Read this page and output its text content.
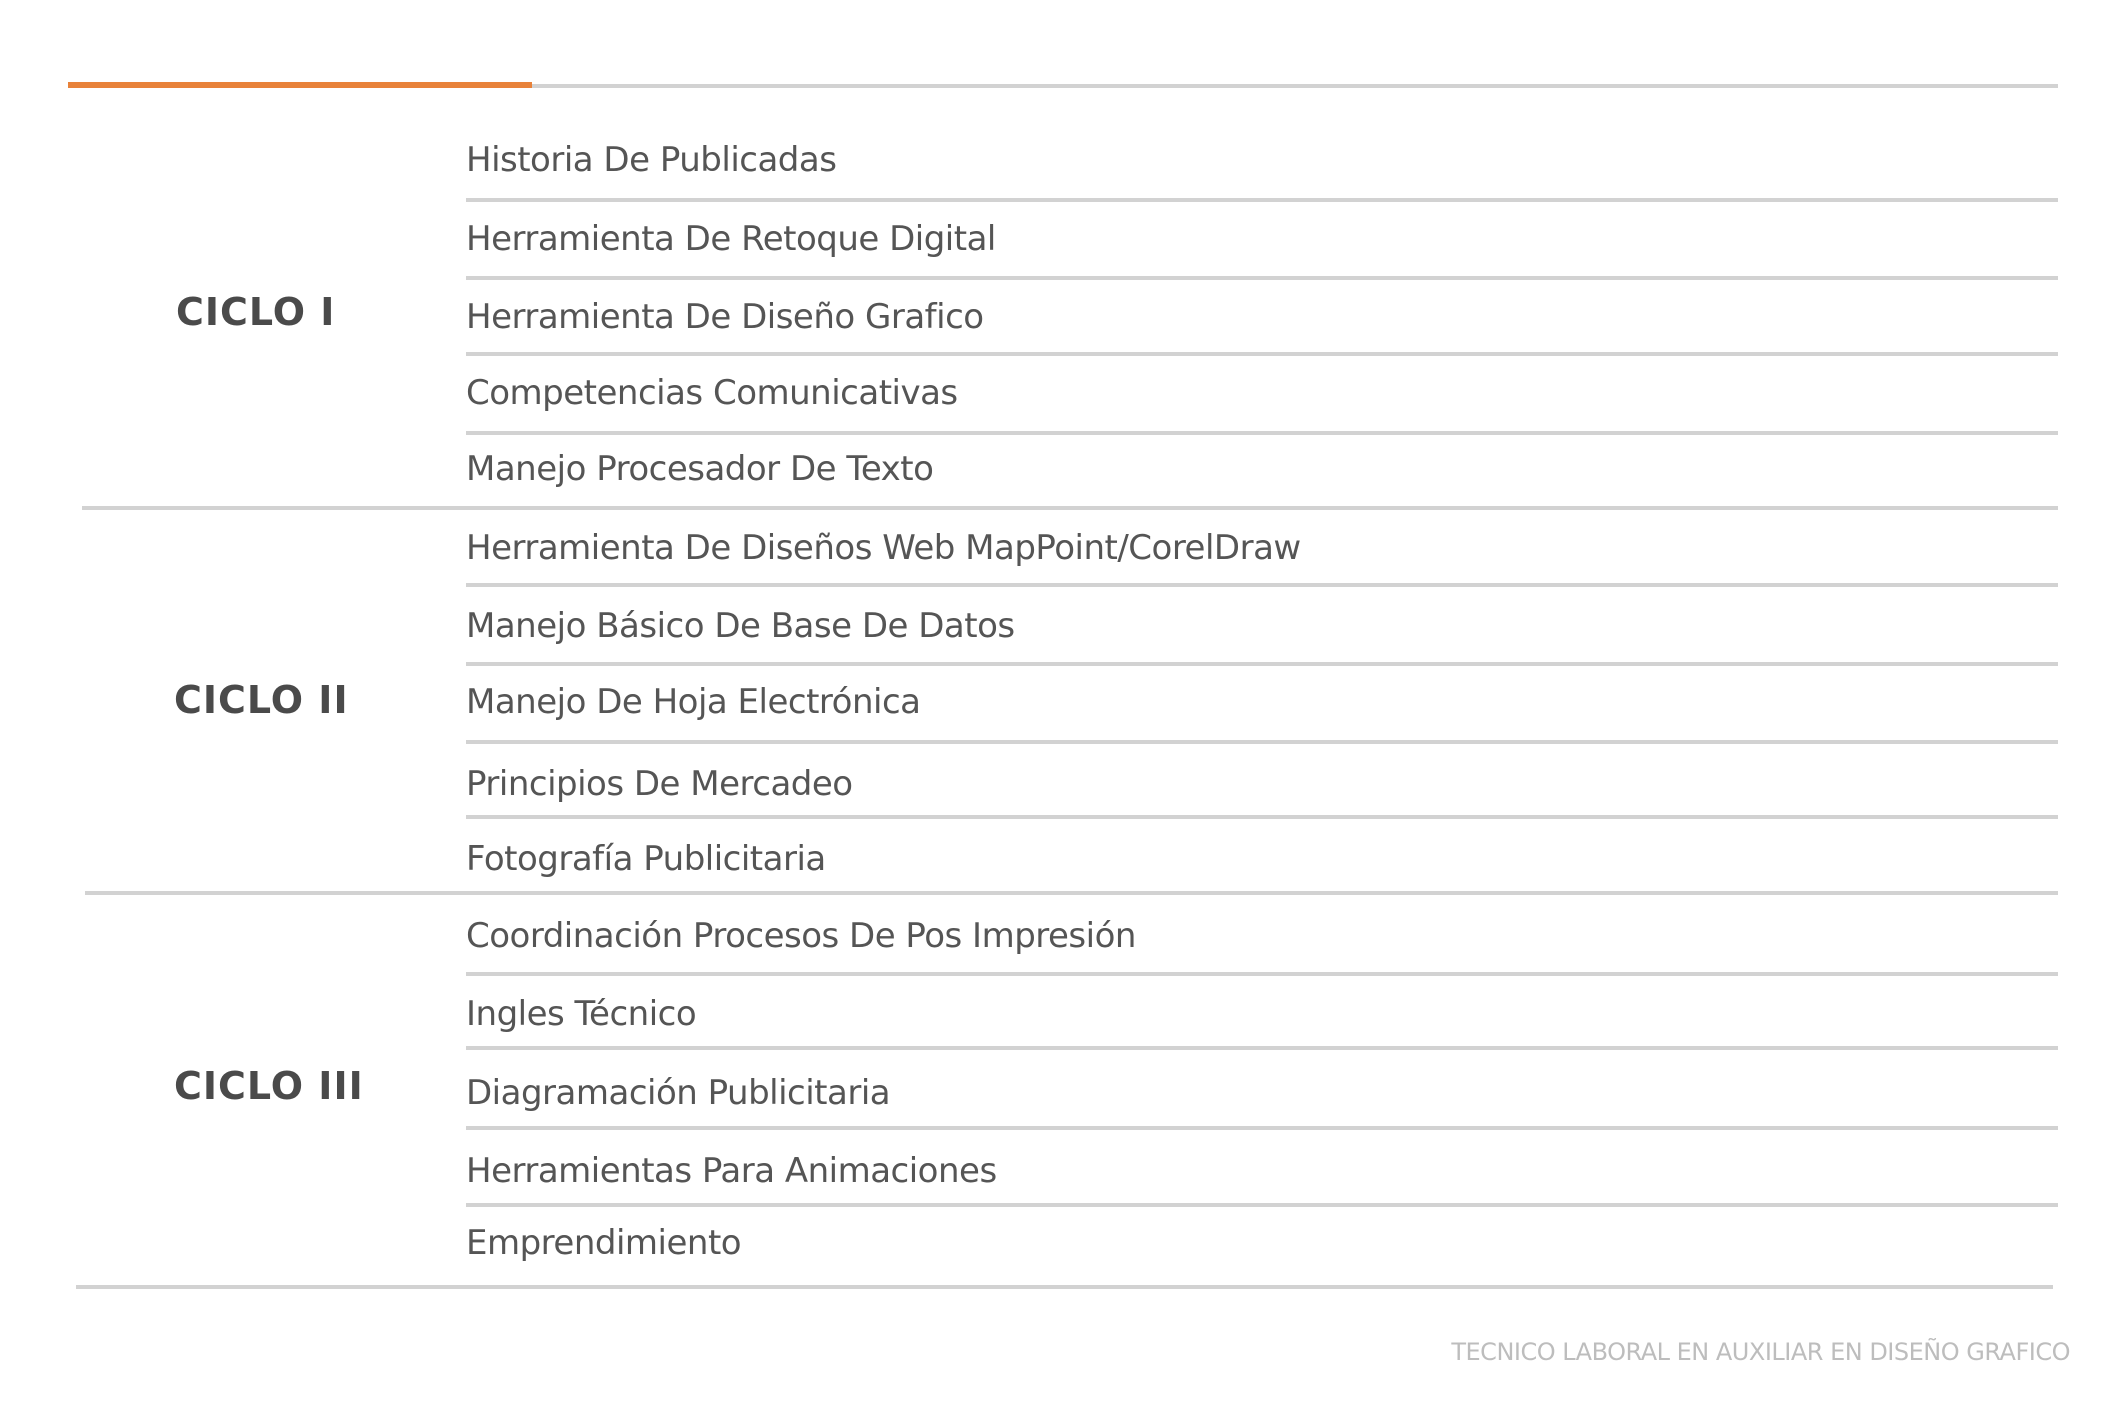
CICLO I

Historia De Publicadas

Herramienta De Retoque Digital

Herramienta De Diseño Grafico

Competencias Comunicativas

Manejo Procesador De Texto

CICLO II

Herramienta De Diseños Web MapPoint/CorelDraw

Manejo Básico De Base De Datos

Manejo De Hoja Electrónica

Principios De Mercadeo

Fotografía Publicitaria

CICLO III

Coordinación Procesos De Pos Impresión

Ingles Técnico

Diagramación Publicitaria

Herramientas Para Animaciones

Emprendimiento

TECNICO LABORAL EN AUXILIAR EN DISEÑO GRAFICO
